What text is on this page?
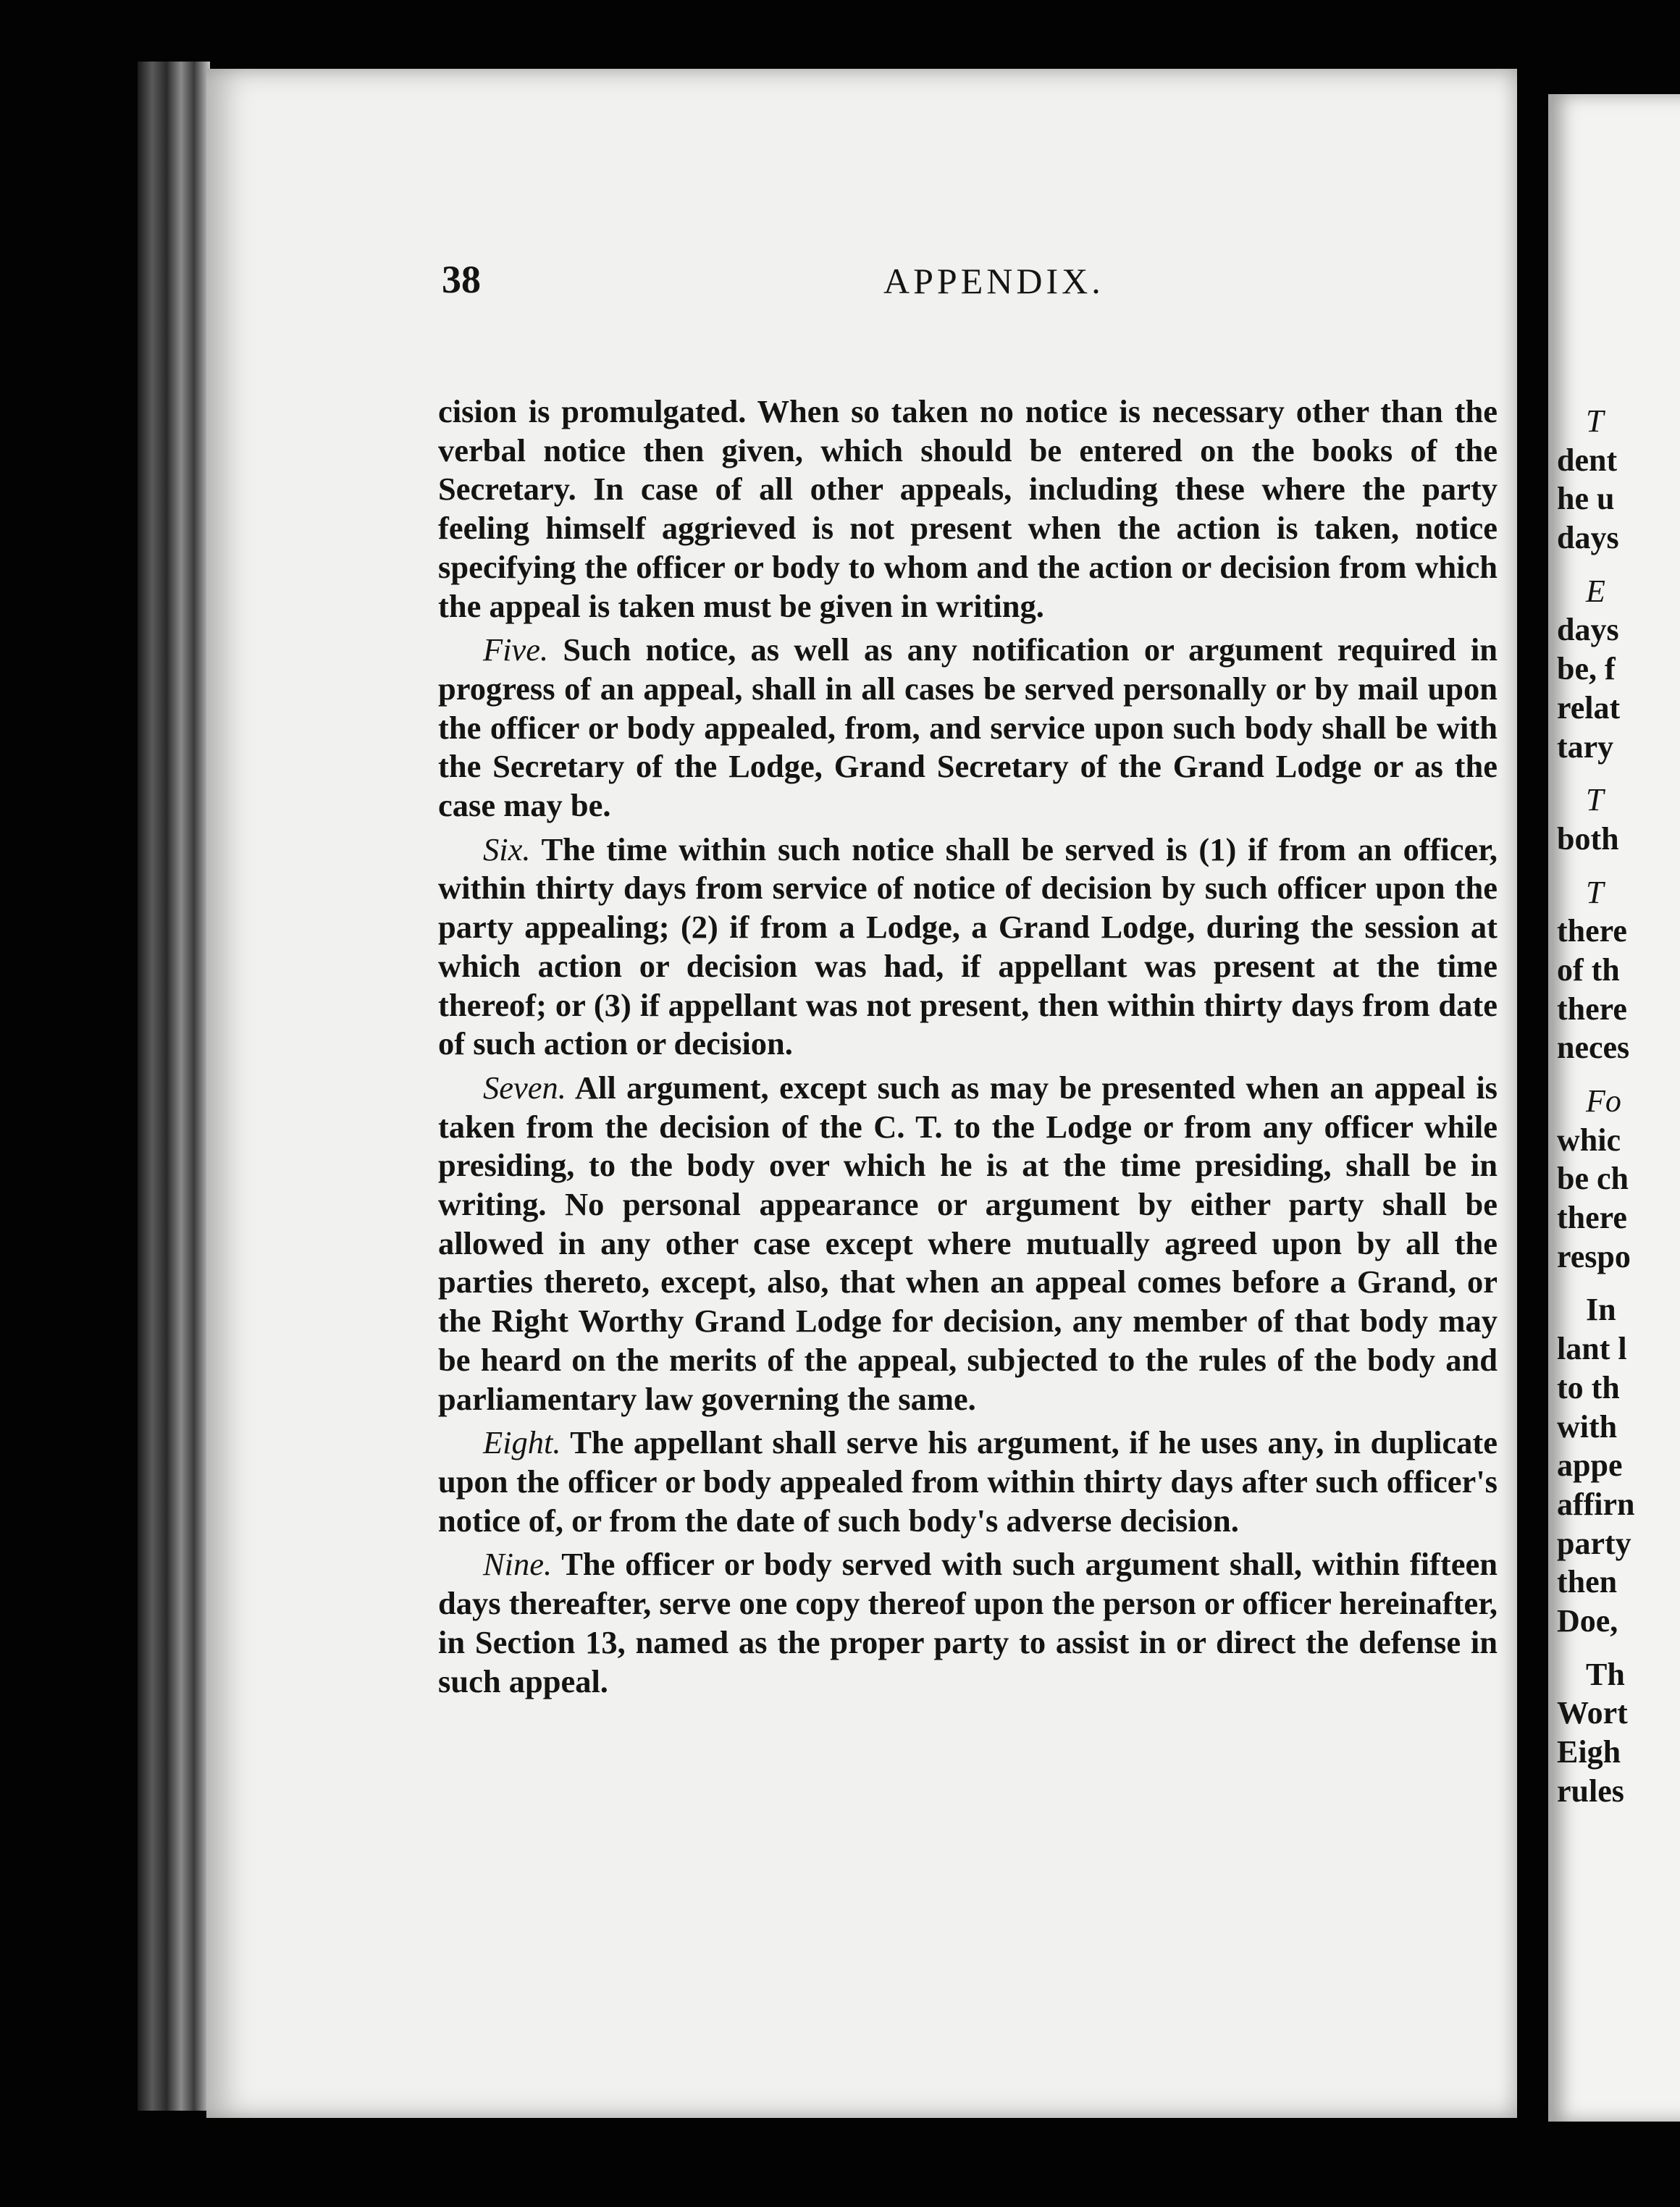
38	APPENDIX.

cision is promulgated. When so taken no notice is necessary other than the verbal notice then given, which should be entered on the books of the Secretary. In case of all other appeals, including these where the party feeling himself aggrieved is not present when the action is taken, notice specifying the officer or body to whom and the action or decision from which the appeal is taken must be given in writing.

Five. Such notice, as well as any notification or argument required in progress of an appeal, shall in all cases be served personally or by mail upon the officer or body appealed, from, and service upon such body shall be with the Secretary of the Lodge, Grand Secretary of the Grand Lodge or as the case may be.

Six. The time within such notice shall be served is (1) if from an officer, within thirty days from service of notice of decision by such officer upon the party appealing; (2) if from a Lodge, a Grand Lodge, during the session at which action or decision was had, if appellant was present at the time thereof; or (3) if appellant was not present, then within thirty days from date of such action or decision.

Seven. All argument, except such as may be presented when an appeal is taken from the decision of the C. T. to the Lodge or from any officer while presiding, to the body over which he is at the time presiding, shall be in writing. No personal appearance or argument by either party shall be allowed in any other case except where mutually agreed upon by all the parties thereto, except, also, that when an appeal comes before a Grand, or the Right Worthy Grand Lodge for decision, any member of that body may be heard on the merits of the appeal, subjected to the rules of the body and parliamentary law governing the same.

Eight. The appellant shall serve his argument, if he uses any, in duplicate upon the officer or body appealed from within thirty days after such officer's notice of, or from the date of such body's adverse decision.

Nine. The officer or body served with such argument shall, within fifteen days thereafter, serve one copy thereof upon the person or officer hereinafter, in Section 13, named as the proper party to assist in or direct the defense in such appeal.

T
dent
he u
days
E
days
be, f
relat
tary
T
both
T
there
of th
there
neces
Fo
whic
be ch
there
respo
In
lant l
to th
with
appe
affirn
party
then
Doe,
Th
Wort
Eigh
rules
